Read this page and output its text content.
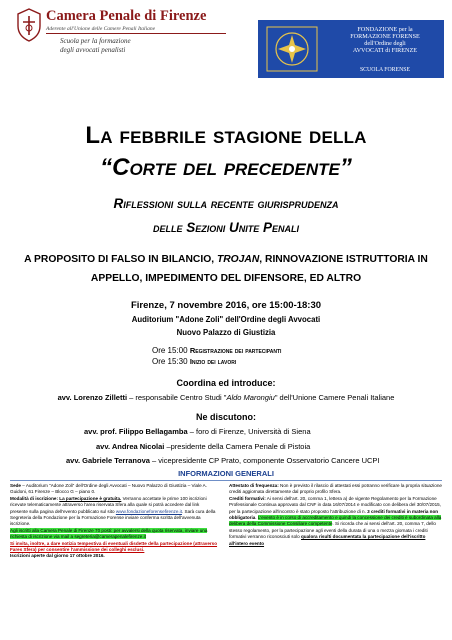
Camera Penale di Firenze
Aderente all'Unione delle Camere Penali Italiane
Scuola per la formazione
degli avvocati penalisti
FONDAZIONE per la
FORMAZIONE FORENSE
dell'Ordine degli
AVVOCATI di FIRENZE
SCUOLA FORENSE
La febbrile stagione della
“Corte del precedente”
Riflessioni sulla recente giurisprudenza
delle Sezioni Unite Penali
A PROPOSITO DI FALSO IN BILANCIO, TROJAN, RINNOVAZIONE ISTRUTTORIA IN
APPELLO, IMPEDIMENTO DEL DIFENSORE, ED ALTRO
Firenze, 7 novembre 2016, ore 15:00-18:30
Auditorium "Adone Zoli" dell'Ordine degli Avvocati
Nuovo Palazzo di Giustizia
Ore 15:00 Registrazione dei partecipanti
Ore 15:30 Inizio dei lavori
Coordina ed introduce:
avv. Lorenzo Zilletti – responsabile Centro Studi "Aldo Marongiu" dell'Unione Camere Penali Italiane
Ne discutono:
avv. prof. Filippo Bellagamba – foro di Firenze, Università di Siena
avv. Andrea Nicolai –presidente della Camera Penale di Pistoia
avv. Gabriele Terranova – vicepresidente CP Prato, componente Osservatorio Cancere UCPI
INFORMAZIONI GENERALI

Sede – Auditorium "Adone Zoli" dell'Ordine degli Avvocati – Nuovo Palazzo di Giustizia – Viale A. Guidoni, 61 Firenze – Blocco G – piano 0.

Modalità di iscrizione: La partecipazione è gratuita. Verranno accettate le prime 100 iscrizioni ricevute telematicamente attraverso l'area riservata Sfera alla quale si potrà accedere dal link presente sulla pagina dell'evento pubblicato sul sito www.fondazioneforensefirenze.it. Sarà cura della Segreteria della Fondazione per la Formazione Forense inviare conferma scritta dell'avvenuta iscrizione.

Agli iscritti alla Camera Penale di Firenze 70 posti: per avvalersi della quota riservata, inviare una richiesta di iscrizione via mail a segreteria@camerapenalefirenze.it

Si invita, inoltre, a dare notizia tempestiva di eventuali disdette della partecipazione (attraverso Fares Sfera) per consentire l'ammissione dei colleghi esclusi.

Iscrizioni aperte dal giorno 17 ottobre 2016.

Attestato di frequenza: Non è previsto il rilascio di attestati essi potranno verificare la propria situazione crediti aggiornata direttamente dal proprio profilo Sfera.

Crediti formativi: Ai sensi dell'art. 20, comma 1, lettera a) de vigente Regolamento per la Formazione Professionale Continua approvato dal CNF in data 16/07/2014 e modificato con delibera del 30/07/2015, per la partecipazione all'incontro è stato proposto l'attribuzione di n. 3 crediti formativi in materia non obbligatoria. L'evento è in corso di accreditamento e quindi la concessione dei crediti è subordinata alla delibera della Commissione Consiliare competente. Si ricorda che ai sensi dell'art. 20, comma 7, dello stesso regolamento, per la partecipazione agli eventi della durata di una o mezza giornata i crediti formativi verranno riconosciuti solo qualora risulti documentata la partecipazione dell'iscritto all'intero evento
